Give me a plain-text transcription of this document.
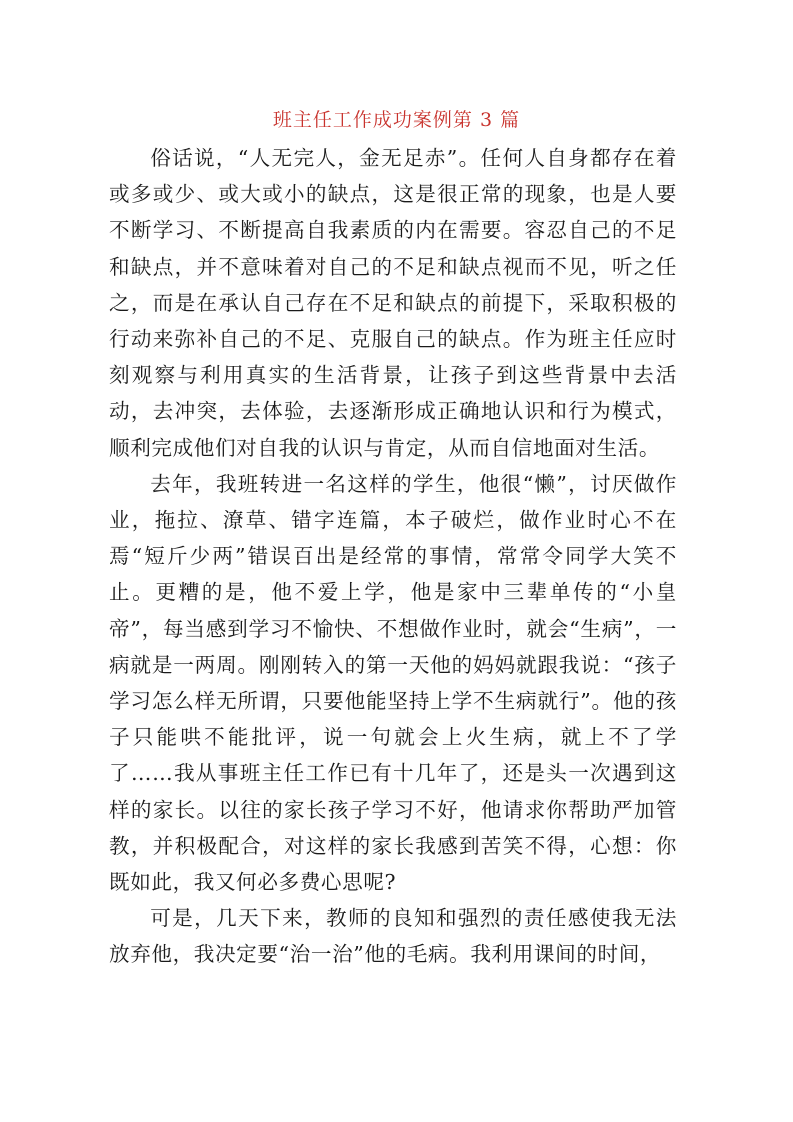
班主任工作成功案例第 3 篇

俗话说，“人无完人，金无足赤”。任何人自身都存在着或多或少、或大或小的缺点，这是很正常的现象，也是人要不断学习、不断提高自我素质的内在需要。容忍自己的不足和缺点，并不意味着对自己的不足和缺点视而不见，听之任之，而是在承认自己存在不足和缺点的前提下，采取积极的行动来弥补自己的不足、克服自己的缺点。作为班主任应时刻观察与利用真实的生活背景，让孩子到这些背景中去活动，去冲突，去体验，去逐渐形成正确地认识和行为模式，顺利完成他们对自我的认识与肯定，从而自信地面对生活。

去年，我班转进一名这样的学生，他很“懒”，讨厌做作业，拖拉、潦草、错字连篇，本子破烂，做作业时心不在焉“短斤少两”错误百出是经常的事情，常常令同学大笑不止。更糟的是，他不爱上学，他是家中三辈单传的“小皇帝”，每当感到学习不愉快、不想做作业时，就会“生病”，一病就是一两周。刚刚转入的第一天他的妈妈就跟我说：“孩子学习怎么样无所谓，只要他能坚持上学不生病就行”。他的孩子只能哄不能批评，说一句就会上火生病，就上不了学了……我从事班主任工作已有十几年了，还是头一次遇到这样的家长。以往的家长孩子学习不好，他请求你帮助严加管教，并积极配合，对这样的家长我感到苦笑不得，心想：你既如此，我又何必多费心思呢?

可是，几天下来，教师的良知和强烈的责任感使我无法放弃他，我决定要“治一治”他的毛病。我利用课间的时间，
